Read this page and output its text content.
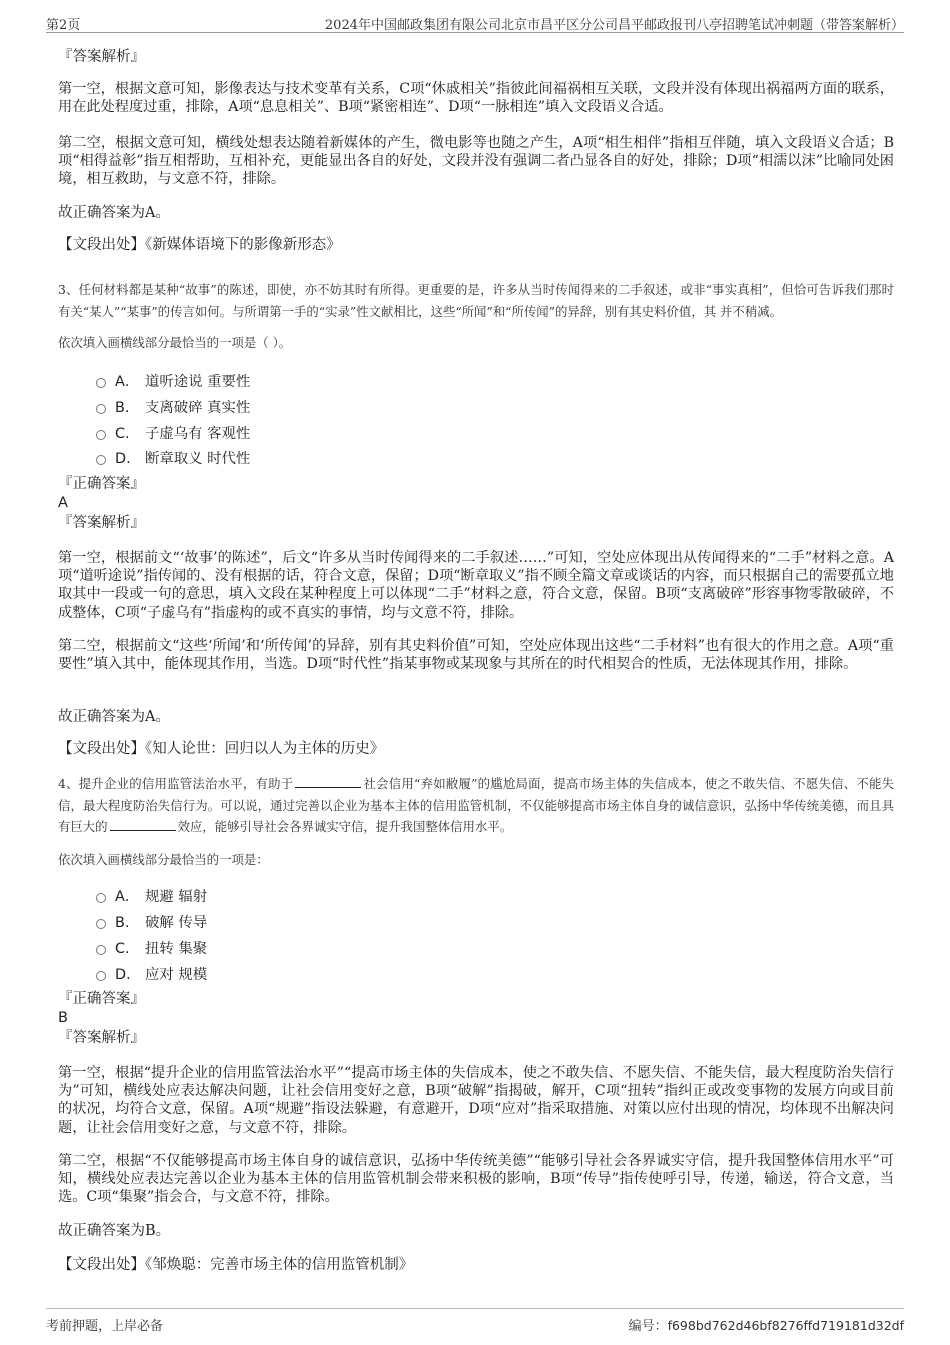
第2页	2024年中国邮政集团有限公司北京市昌平区分公司昌平邮政报刊八亭招聘笔试冲刺题（带答案解析）
『答案解析』
第一空，根据文意可知，影像表达与技术变革有关系，C项“休戚相关”指彼此间福祸相互关联，文段并没有体现出祸福两方面的联系，用在此处程度过重，排除，A项“息息相关”、B项“紧密相连”、D项“一脉相连”填入文段语义合适。
第二空，根据文意可知，横线处想表达随着新媒体的产生，微电影等也随之产生，A项“相生相伴”指相互伴随，填入文段语义合适；B项“相得益彰”指互相帮助，互相补充，更能显出各自的好处，文段并没有强调二者凸显各自的好处，排除；D项“相濡以沫”比喻同处困境，相互救助，与文意不符，排除。
故正确答案为A。
【文段出处】《新媒体语境下的影像新形态》
3、任何材料都是某种“故事”的陈述，即使，亦不妨其时有所得。更重要的是，许多从当时传闻得来的二手叙述，或非“事实真相”，但恰可告诉我们那时有关“某人”“某事”的传言如何。与所谓第一手的“实录”性文献相比，这些“所闻”和“所传闻”的异辞，别有其史料价值，其 并不稍减。
依次填入画横线部分最恰当的一项是（ ）。
A． 道听途说 重要性
B. 支离破碎 真实性
C. 子虚乌有 客观性
D. 断章取义 时代性
『正确答案』
A
『答案解析』
第一空，根据前文“‘故事’的陈述”，后文“许多从当时传闻得来的二手叙述……”可知，空处应体现出从传闻得来的“二手”材料之意。A项“道听途说”指传闻的、没有根据的话，符合文意，保留；D项“断章取义”指不顾全篇文章或谈话的内容，而只根据自己的需要孤立地取其中一段或一句的意思，填入文段在某种程度上可以体现“二手”材料之意，符合文意，保留。B项“支离破碎”形容事物零散破碎，不成整体，C项“子虚乌有”指虚构的或不真实的事情，均与文意不符，排除。
第二空，根据前文“这些‘所闻’和‘所传闻’的异辞，别有其史料价值”可知，空处应体现出这些“二手材料”也有很大的作用之意。A项“重要性”填入其中，能体现其作用，当选。D项“时代性”指某事物或某现象与其所在的时代相契合的性质，无法体现其作用，排除。
故正确答案为A。
【文段出处】《知人论世：回归以人为主体的历史》
4、提升企业的信用监管法治水平，有助于	社会信用“弃如敝履”的尴尬局面，提高市场主体的失信成本，使之不敢失信、不愿失信、不能失信，最大程度防治失信行为。可以说，通过完善以企业为基本主体的信用监管机制，不仅能够提高市场主体自身的诚信意识，弘扬中华传统美德，而且具有巨大的	效应，能够引导社会各界诚实守信，提升我国整体信用水平。
依次填入画横线部分最恰当的一项是：
A． 规避 辐射
B. 破解 传导
C. 扭转 集聚
D. 应对 规模
『正确答案』
B
『答案解析』
第一空，根据“提升企业的信用监管法治水平”“提高市场主体的失信成本，使之不敢失信、不愿失信、不能失信，最大程度防治失信行为”可知，横线处应表达解决问题，让社会信用变好之意，B项“破解”指揭破，解开，C项“扭转”指纠正或改变事物的发展方向或目前的状况，均符合文意，保留。A项“规避”指设法躲避，有意避开，D项“应对”指采取措施、对策以应付出现的情况，均体现不出解决问题，让社会信用变好之意，与文意不符，排除。
第二空，根据“不仅能够提高市场主体自身的诚信意识，弘扬中华传统美德”“能够引导社会各界诚实守信，提升我国整体信用水平”可知，横线处应表达完善以企业为基本主体的信用监管机制会带来积极的影响，B项“传导”指传使呼引导，传递，输送，符合文意，当选。C项“集聚”指会合，与文意不符，排除。
故正确答案为B。
【文段出处】《邹焕聪：完善市场主体的信用监管机制》
考前押题，上岸必备	编号：f698bd762d46bf8276ffd719181d32df
